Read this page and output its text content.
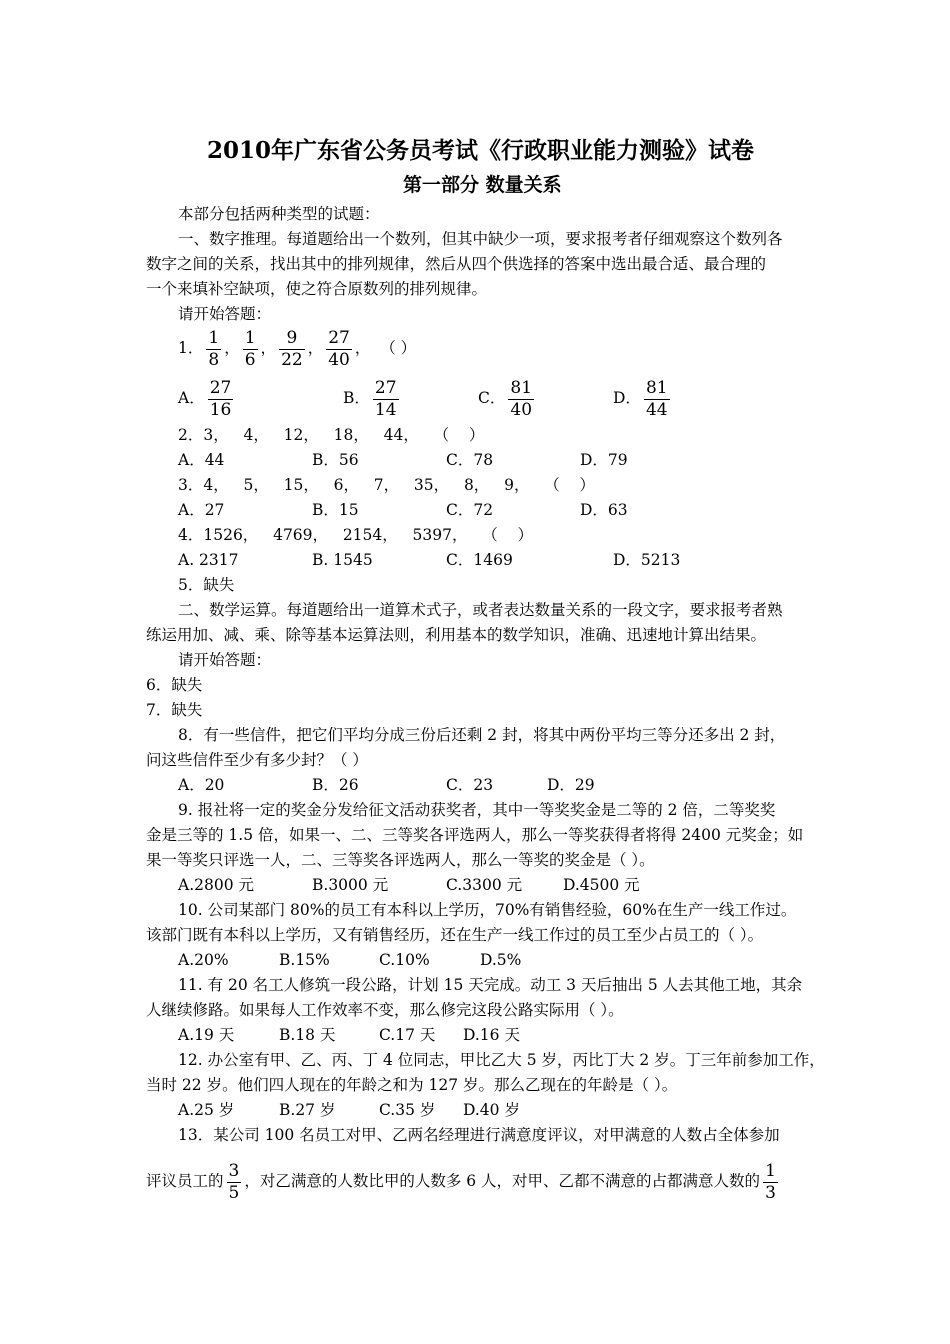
2010年广东省公务员考试《行政职业能力测验》试卷
第一部分 数量关系
本部分包括两种类型的试题：
一、数字推理。每道题给出一个数列，但其中缺少一项，要求报考者仔细观察这个数列各
数字之间的关系，找出其中的排列规律，然后从四个供选择的答案中选出最合适、最合理的
一个来填补空缺项，使之符合原数列的排列规律。
请开始答题：
1． $\frac{1}{8}$ ， $\frac{1}{6}$ ， $\frac{9}{22}$ ， $\frac{27}{40}$ ， （ ）
A． $\frac{27}{16}$	B． $\frac{27}{14}$	C． $\frac{81}{40}$	D． $\frac{81}{44}$
2．3，   4，   12，   18，   44，   （    ）
A．44	B．56	C．78	D．79
3．4，   5，   15，   6，   7，   35，   8，   9，   （    ）
A．27	B．15	C．72	D．63
4．1526，   4769，   2154，   5397，   （    ）
A. 2317	B. 1545	C．1469	D．5213
5．缺失
二、数学运算。每道题给出一道算术式子，或者表达数量关系的一段文字，要求报考者熟
练运用加、减、乘、除等基本运算法则，利用基本的数学知识，准确、迅速地计算出结果。
请开始答题：
6．缺失
7．缺失
8．有一些信件，把它们平均分成三份后还剩 2 封，将其中两份平均三等分还多出 2 封，
问这些信件至少有多少封？（ ）
A．20	B．26	C．23	D．29
9. 报社将一定的奖金分发给征文活动获奖者，其中一等奖奖金是二等的 2 倍，二等奖奖
金是三等的 1.5 倍，如果一、二、三等奖各评选两人，那么一等奖获得者将得 2400 元奖金；如
果一等奖只评选一人，二、三等奖各评选两人，那么一等奖的奖金是（ ）。
A.2800 元	B.3000 元	C.3300 元	D.4500 元
10. 公司某部门 80%的员工有本科以上学历，70%有销售经验，60%在生产一线工作过。
该部门既有本科以上学历，又有销售经历，还在生产一线工作过的员工至少占员工的（ ）。
A.20%	B.15%	C.10%	D.5%
11. 有 20 名工人修筑一段公路，计划 15 天完成。动工 3 天后抽出 5 人去其他工地，其余
人继续修路。如果每人工作效率不变，那么修完这段公路实际用（ ）。
A.19 天	B.18 天	C.17 天 D.16 天
12. 办公室有甲、乙、丙、丁 4 位同志，甲比乙大 5 岁，丙比丁大 2 岁。丁三年前参加工作，
当时 22 岁。他们四人现在的年龄之和为 127 岁。那么乙现在的年龄是（ ）。
A.25 岁	B.27 岁	C.35 岁 D.40 岁
13．某公司 100 名员工对甲、乙两名经理进行满意度评议，对甲满意的人数占全体参加
评议员工的 $\frac{3}{5}$ ，对乙满意的人数比甲的人数多 6 人，对甲、乙都不满意的占都满意人数的 $\frac{1}{3}$
